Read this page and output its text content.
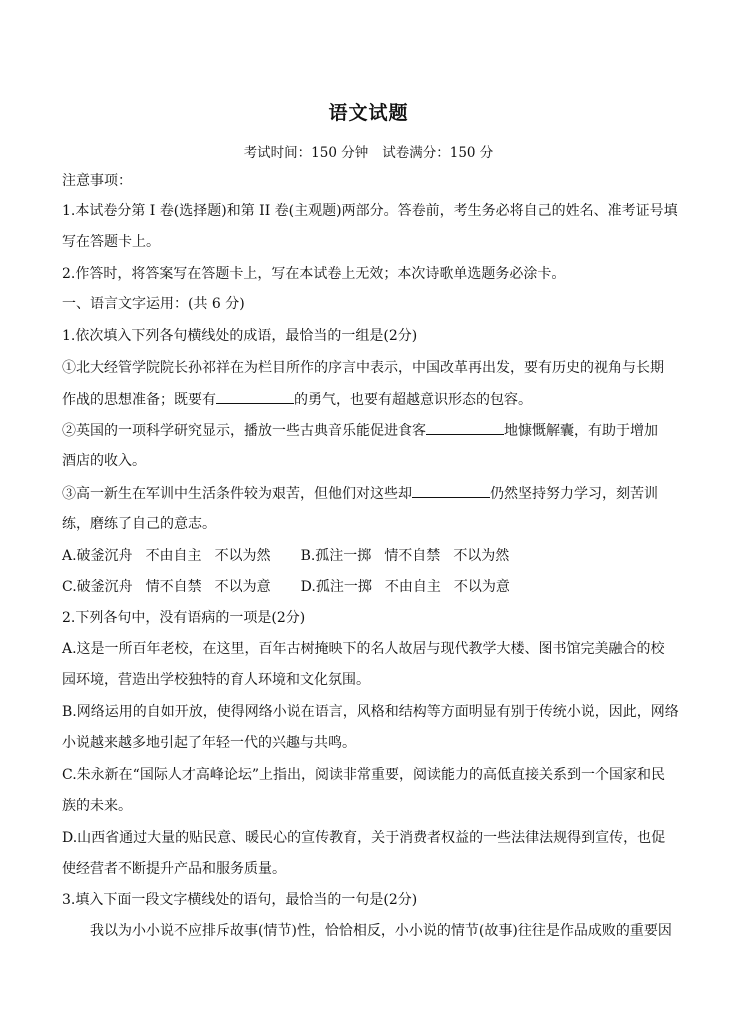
语文试题
考试时间：150 分钟 试卷满分：150 分
注意事项：
1.本试卷分第 I 卷(选择题)和第 II 卷(主观题)两部分。答卷前，考生务必将自己的姓名、准考证号填
写在答题卡上。
2.作答时，将答案写在答题卡上，写在本试卷上无效；本次诗歌单选题务必涂卡。
一、语言文字运用：(共 6 分)
1.依次填入下列各句横线处的成语，最恰当的一组是(2分)
①北大经管学院院长孙祁祥在为栏目所作的序言中表示，中国改革再出发，要有历史的视角与长期
作战的思想准备；既要有	的勇气，也要有超越意识形态的包容。
②英国的一项科学研究显示，播放一些古典音乐能促进食客	地慷慨解囊，有助于增加
酒店的收入。
③高一新生在军训中生活条件较为艰苦，但他们对这些却	仍然坚持努力学习，刻苦训
练，磨练了自己的意志。
A.破釜沉舟 不由自主 不以为然 B.孤注一掷 情不自禁 不以为然
C.破釜沉舟 情不自禁 不以为意 D.孤注一掷 不由自主 不以为意
2.下列各句中，没有语病的一项是(2分)
A.这是一所百年老校，在这里，百年古树掩映下的名人故居与现代教学大楼、图书馆完美融合的校
园环境，营造出学校独特的育人环境和文化氛围。
B.网络运用的自如开放，使得网络小说在语言，风格和结构等方面明显有别于传统小说，因此，网络
小说越来越多地引起了年轻一代的兴趣与共鸣。
C.朱永新在“国际人才高峰论坛”上指出，阅读非常重要，阅读能力的高低直接关系到一个国家和民
族的未来。
D.山西省通过大量的贴民意、暖民心的宣传教育，关于消费者权益的一些法律法规得到宣传，也促
使经营者不断提升产品和服务质量。
3.填入下面一段文字横线处的语句，最恰当的一句是(2分)
我以为小小说不应排斥故事(情节)性，恰恰相反，小小说的情节(故事)往往是作品成败的重要因
